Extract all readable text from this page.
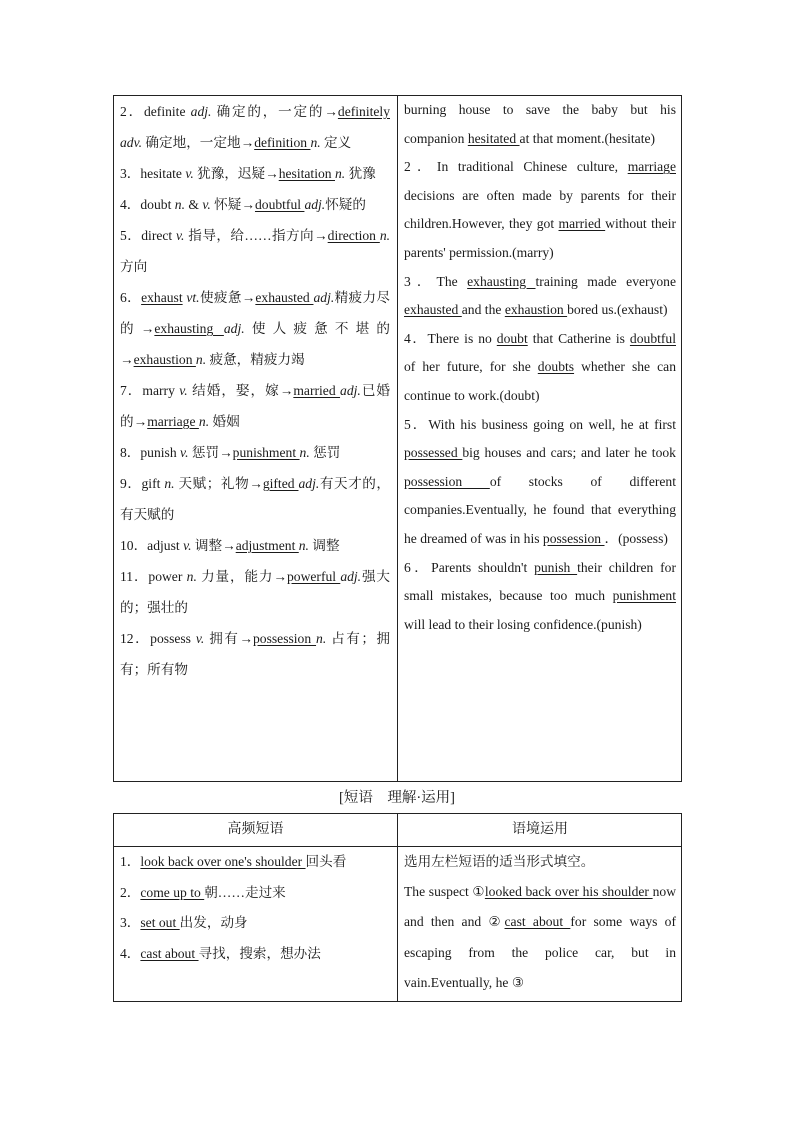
2．definite adj. 确定的，一定的→definitely adv. 确定地，一定地→definition n. 定义
3．hesitate v. 犹豫，迟疑→hesitation n. 犹豫
4．doubt n. & v. 怀疑→doubtful adj.怀疑的
5．direct v. 指导，给……指方向→direction n. 方向
6．exhaust vt.使疲惫→exhausted adj.精疲力尽的→exhausting adj.使人疲惫不堪的→exhaustion n. 疲惫，精疲力竭
7．marry v. 结婚，娶，嫁→married adj.已婚的→marriage n. 婚姻
8．punish v. 惩罚→punishment n. 惩罚
9．gift n. 天赋；礼物→gifted adj.有天才的，有天赋的
10．adjust v. 调整→adjustment n. 调整
11．power n. 力量，能力→powerful adj.强大的；强壮的
12．possess v. 拥有→possession n. 占有；拥有；所有物
burning house to save the baby but his companion hesitated at that moment.(hesitate)
2．In traditional Chinese culture, marriage decisions are often made by parents for their children.However, they got married without their parents' permission.(marry)
3．The exhausting training made everyone exhausted and the exhaustion bored us.(exhaust)
4．There is no doubt that Catherine is doubtful of her future, for she doubts whether she can continue to work.(doubt)
5．With his business going on well, he at first possessed big houses and cars; and later he took possession of stocks of different companies.Eventually, he found that everything he dreamed of was in his possession ．(possess)
6．Parents shouldn't punish their children for small mistakes, because too much punishment will lead to their losing confidence.(punish)
[短语　理解·运用]
高频短语	语境运用
1．look back over one's shoulder 回头看
2．come up to 朝……走过来
3．set out 出发，动身
4．cast about 寻找，搜索，想办法
选用左栏短语的适当形式填空。
The suspect ①looked back over his shoulder now and then and ②cast about for some ways of escaping from the police car, but in vain.Eventually, he ③
